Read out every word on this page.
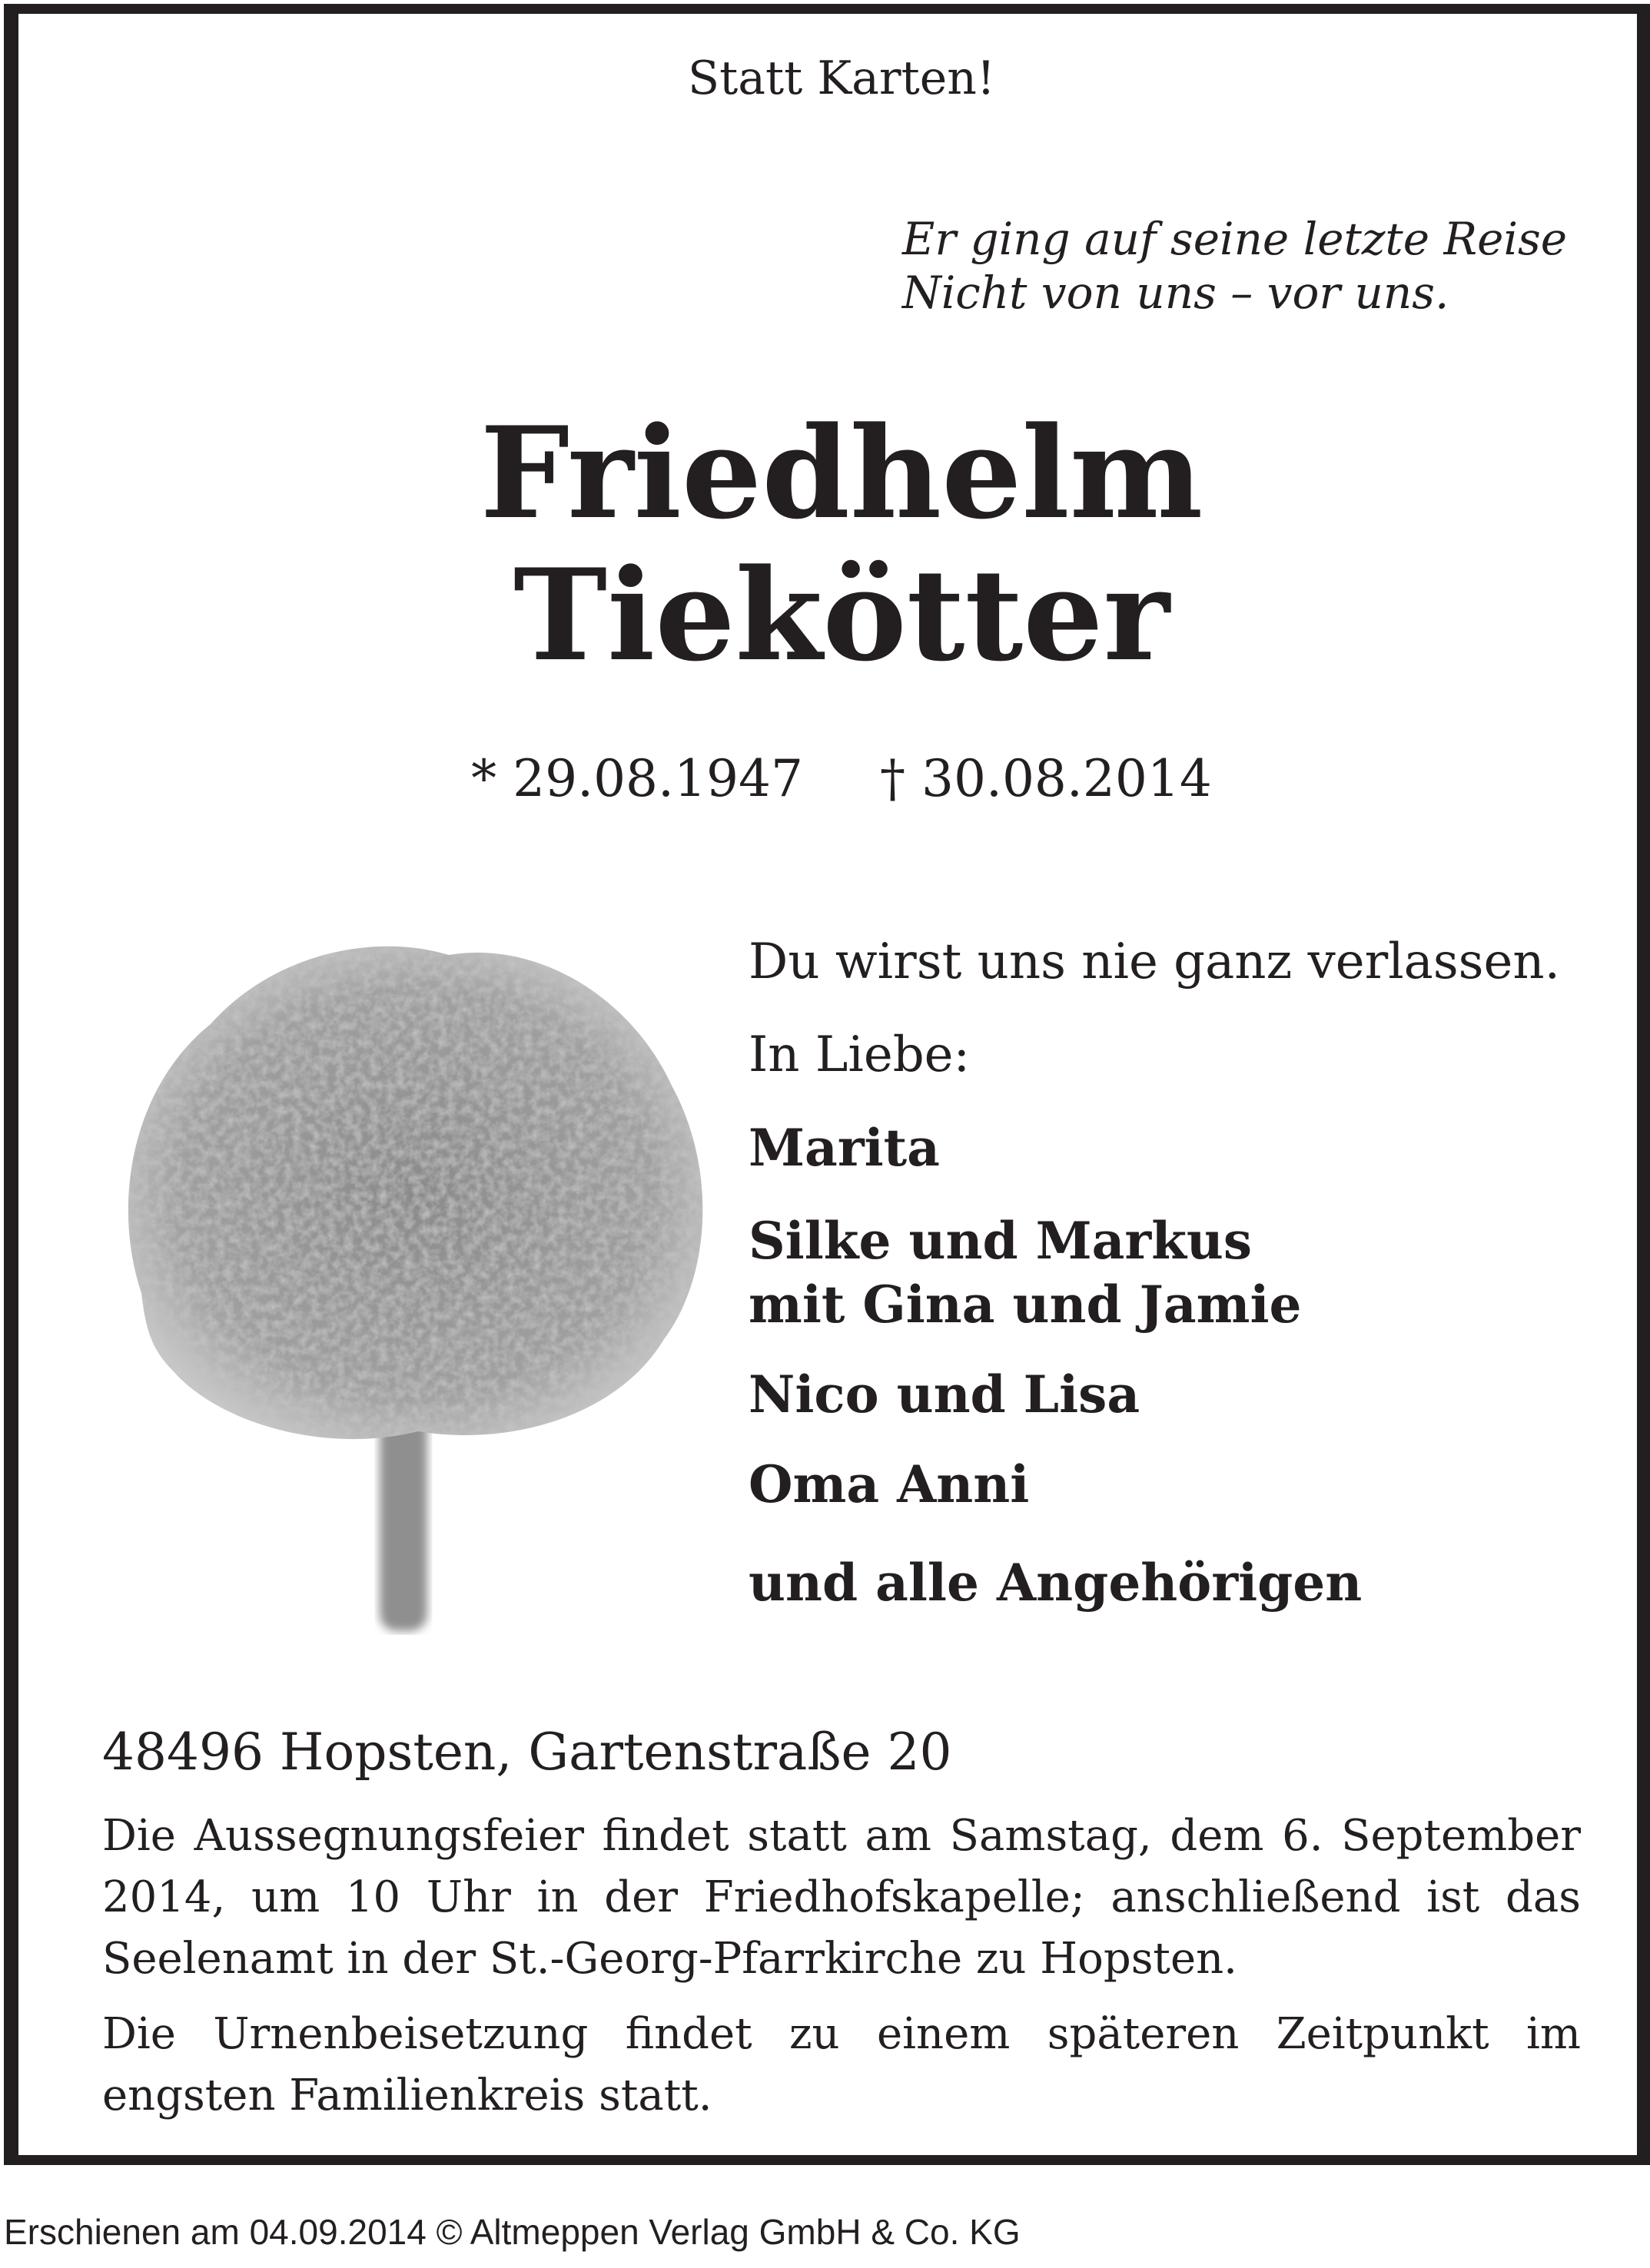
Statt Karten!

Er ging auf seine letzte Reise
Nicht von uns – vor uns.
Friedhelm
Tiekötter

* 29.08.1947 † 30.08.2014

Du wirst uns nie ganz verlassen.

In Liebe:

Marita

Silke und Markus

mit Gina und Jamie

Nico und Lisa

Oma Anni

und alle Angehörigen

48496 Hopsten, Gartenstraße 20

Die Aussegnungsfeier findet statt am Samstag, dem 6. September 2014, um 10 Uhr in der Friedhofskapelle; anschließend ist das Seelenamt in der St.-Georg-Pfarrkirche zu Hopsten.

Die Urnenbeisetzung findet zu einem späteren Zeitpunkt im engsten Familienkreis statt.

Erschienen am 04.09.2014 © Altmeppen Verlag GmbH & Co. KG
